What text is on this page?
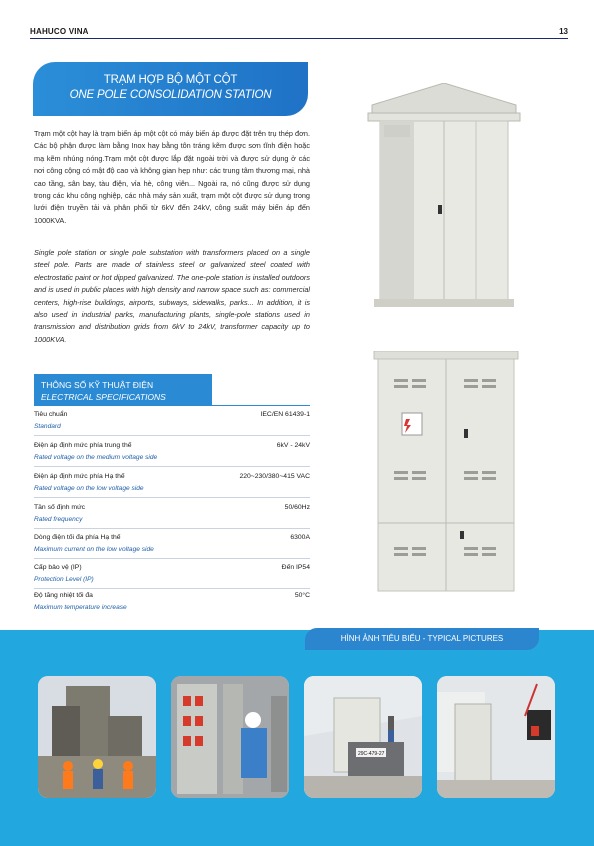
HAHUCO VINA	13
TRẠM HỢP BỘ MỘT CỘT
ONE POLE CONSOLIDATION STATION
Trạm một cột hay là trạm biến áp một cột có máy biến áp được đặt trên trụ thép đơn. Các bộ phận được làm bằng Inox hay bằng tôn tráng kẽm được sơn tĩnh điện hoặc mạ kẽm nhúng nóng.Trạm một cột được lắp đặt ngoài trời và được sử dụng ở các nơi công cộng có mật độ cao và không gian hẹp như: các trung tâm thương mại, nhà cao tầng, sân bay, tàu điện, vỉa hè, công viên... Ngoài ra, nó cũng được sử dụng trong các khu công nghiệp, các nhà máy sản xuất, trạm một cột được sử dụng trong lưới điện truyền tải và phân phối từ 6kV đến 24kV, công suất máy biến áp đến 1000KVA.
Single pole station or single pole substation with transformers placed on a single steel pole. Parts are made of stainless steel or galvanized steel coated with electrostatic paint or hot dipped galvanized. The one-pole station is installed outdoors and is used in public places with high density and narrow space such as: commercial centers, high-rise buildings, airports, subways, sidewalks, parks... In addition, it is also used in industrial parks, manufacturing plants, single-pole stations used in transmission and distribution grids from 6kV to 24kV, transformer capacity up to 1000KVA.
THÔNG SỐ KỸ THUẬT ĐIỆN
ELECTRICAL SPECIFICATIONS
Tiêu chuẩn
Standard
IEC/EN 61439-1
Điện áp định mức phía trung thế
Rated voltage on the medium voltage side
6kV - 24kV
Điện áp định mức phía Hạ thế
Rated voltage on the low voltage side
220~230/380~415 VAC
Tần số định mức
Rated frequency
50/60Hz
Dòng điện tối đa phía Hạ thế
Maximum current on the low voltage side
6300A
Cấp bảo vệ (IP)
Protection Level (IP)
Đến IP54
Độ tăng nhiệt tối đa
Maximum temperature increase
50°C
HÌNH ẢNH TIÊU BIỂU - TYPICAL PICTURES
29C-479-27
